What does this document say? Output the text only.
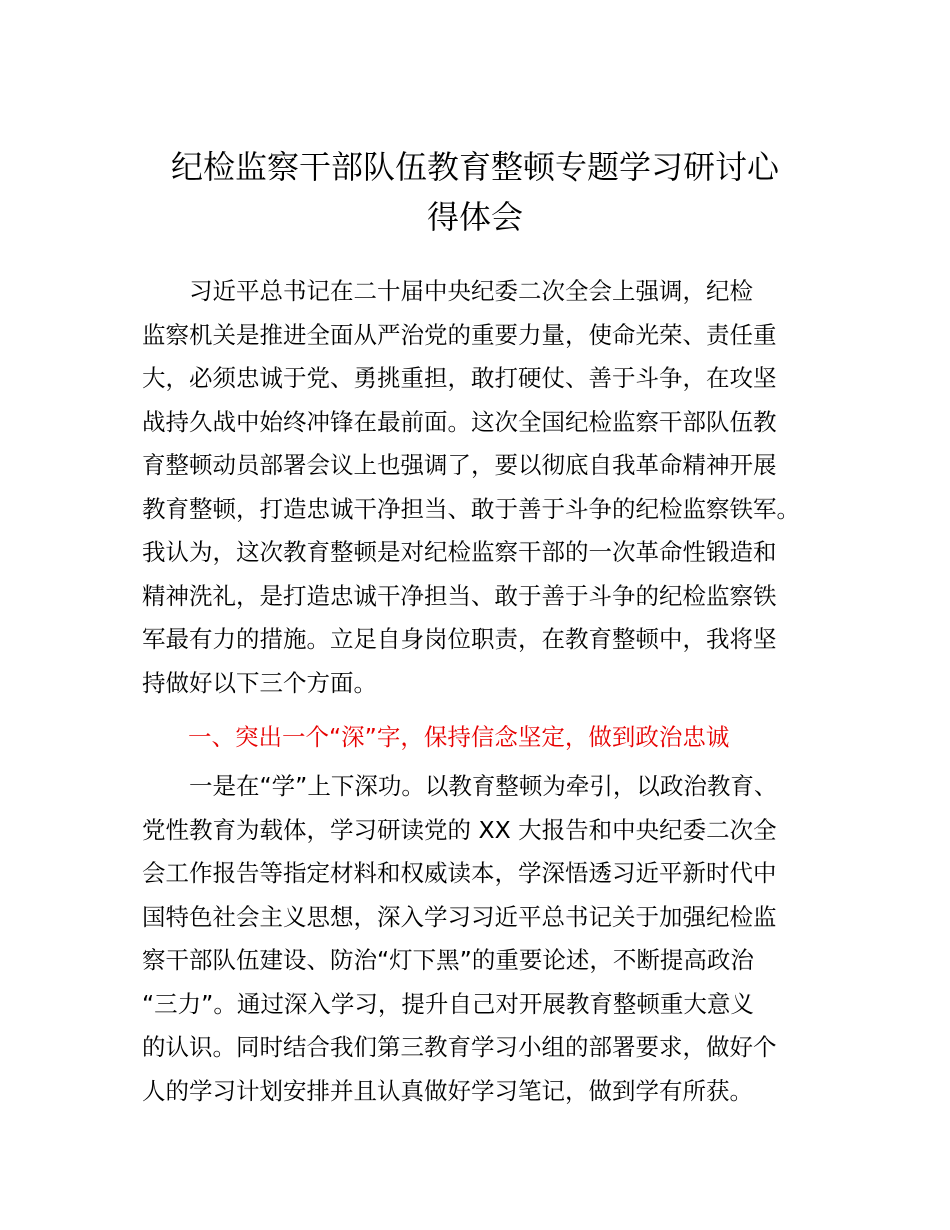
纪检监察干部队伍教育整顿专题学习研讨心
得体会
　　习近平总书记在二十届中央纪委二次全会上强调，纪检
监察机关是推进全面从严治党的重要力量，使命光荣、责任重
大，必须忠诚于党、勇挑重担，敢打硬仗、善于斗争，在攻坚
战持久战中始终冲锋在最前面。这次全国纪检监察干部队伍教
育整顿动员部署会议上也强调了，要以彻底自我革命精神开展
教育整顿，打造忠诚干净担当、敢于善于斗争的纪检监察铁军。
我认为，这次教育整顿是对纪检监察干部的一次革命性锻造和
精神洗礼，是打造忠诚干净担当、敢于善于斗争的纪检监察铁
军最有力的措施。立足自身岗位职责，在教育整顿中，我将坚
持做好以下三个方面。
一、突出一个“深”字，保持信念坚定，做到政治忠诚
　　一是在“学”上下深功。以教育整顿为牵引，以政治教育、
党性教育为载体，学习研读党的 XX 大报告和中央纪委二次全
会工作报告等指定材料和权威读本，学深悟透习近平新时代中
国特色社会主义思想，深入学习习近平总书记关于加强纪检监
察干部队伍建设、防治“灯下黑”的重要论述，不断提高政治
“三力”。通过深入学习，提升自己对开展教育整顿重大意义
的认识。同时结合我们第三教育学习小组的部署要求，做好个
人的学习计划安排并且认真做好学习笔记，做到学有所获。
